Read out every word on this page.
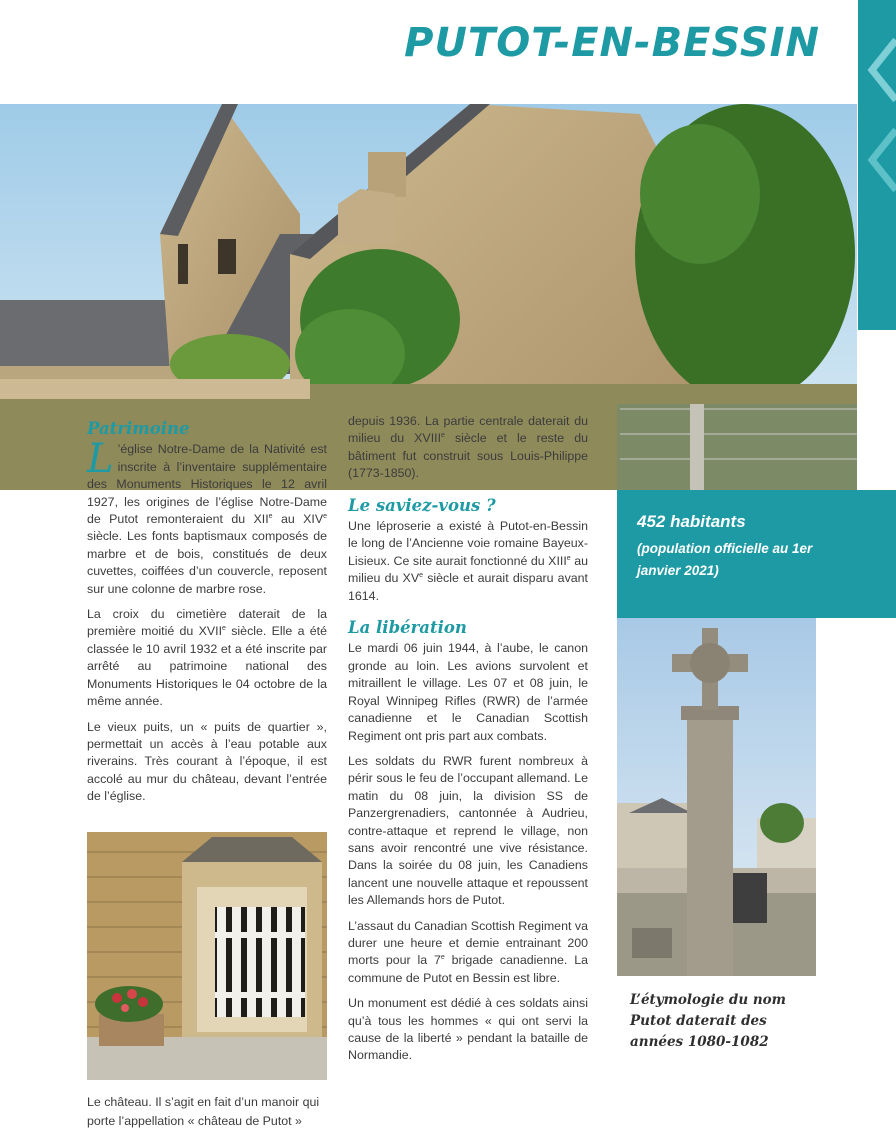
PUTOT-EN-BESSIN
452 habitants
(population officielle au 1er janvier 2021)
L’étymologie du nom Putot daterait des années 1080-1082
Patrimoine

L ’église Notre-Dame de la Nativité est inscrite à l’inventaire supplémentaire des Monuments Historiques le 12 avril 1927, les origines de l’église Notre-Dame de Putot remonteraient du XIIe au XIVe siècle. Les fonts baptismaux composés de marbre et de bois, constitués de deux cuvettes, coiffées d’un couvercle, reposent sur une colonne de marbre rose.

La croix du cimetière daterait de la première moitié du XVIIe siècle. Elle a été classée le 10 avril 1932 et a été inscrite par arrêté au patrimoine national des Monuments Historiques le 04 octobre de la même année.

Le vieux puits, un « puits de quartier », permettait un accès à l’eau potable aux riverains. Très courant à l’époque, il est accolé au mur du château, devant l’entrée de l’église.

Le château. Il s’agit en fait d’un manoir qui porte l’appellation « château de Putot »

depuis 1936. La partie centrale daterait du milieu du XVIIIe siècle et le reste du bâtiment fut construit sous Louis-Philippe (1773-1850).

Le saviez-vous ?

Une léproserie a existé à Putot-en-Bessin le long de l’Ancienne voie romaine Bayeux-Lisieux. Ce site aurait fonctionné du XIIIe au milieu du XVe siècle et aurait disparu avant 1614.

La libération

Le mardi 06 juin 1944, à l’aube, le canon gronde au loin. Les avions survolent et mitraillent le village. Les 07 et 08 juin, le Royal Winnipeg Rifles (RWR) de l’armée canadienne et le Canadian Scottish Regiment ont pris part aux combats.

Les soldats du RWR furent nombreux à périr sous le feu de l’occupant allemand. Le matin du 08 juin, la division SS de Panzergrenadiers, cantonnée à Audrieu, contre-attaque et reprend le village, non sans avoir rencontré une vive résistance. Dans la soirée du 08 juin, les Canadiens lancent une nouvelle attaque et repoussent les Allemands hors de Putot.

L’assaut du Canadian Scottish Regiment va durer une heure et demie entrainant 200 morts pour la 7e brigade canadienne. La commune de Putot en Bessin est libre.

Un monument est dédié à ces soldats ainsi qu’à tous les hommes « qui ont servi la cause de la liberté » pendant la bataille de Normandie.
